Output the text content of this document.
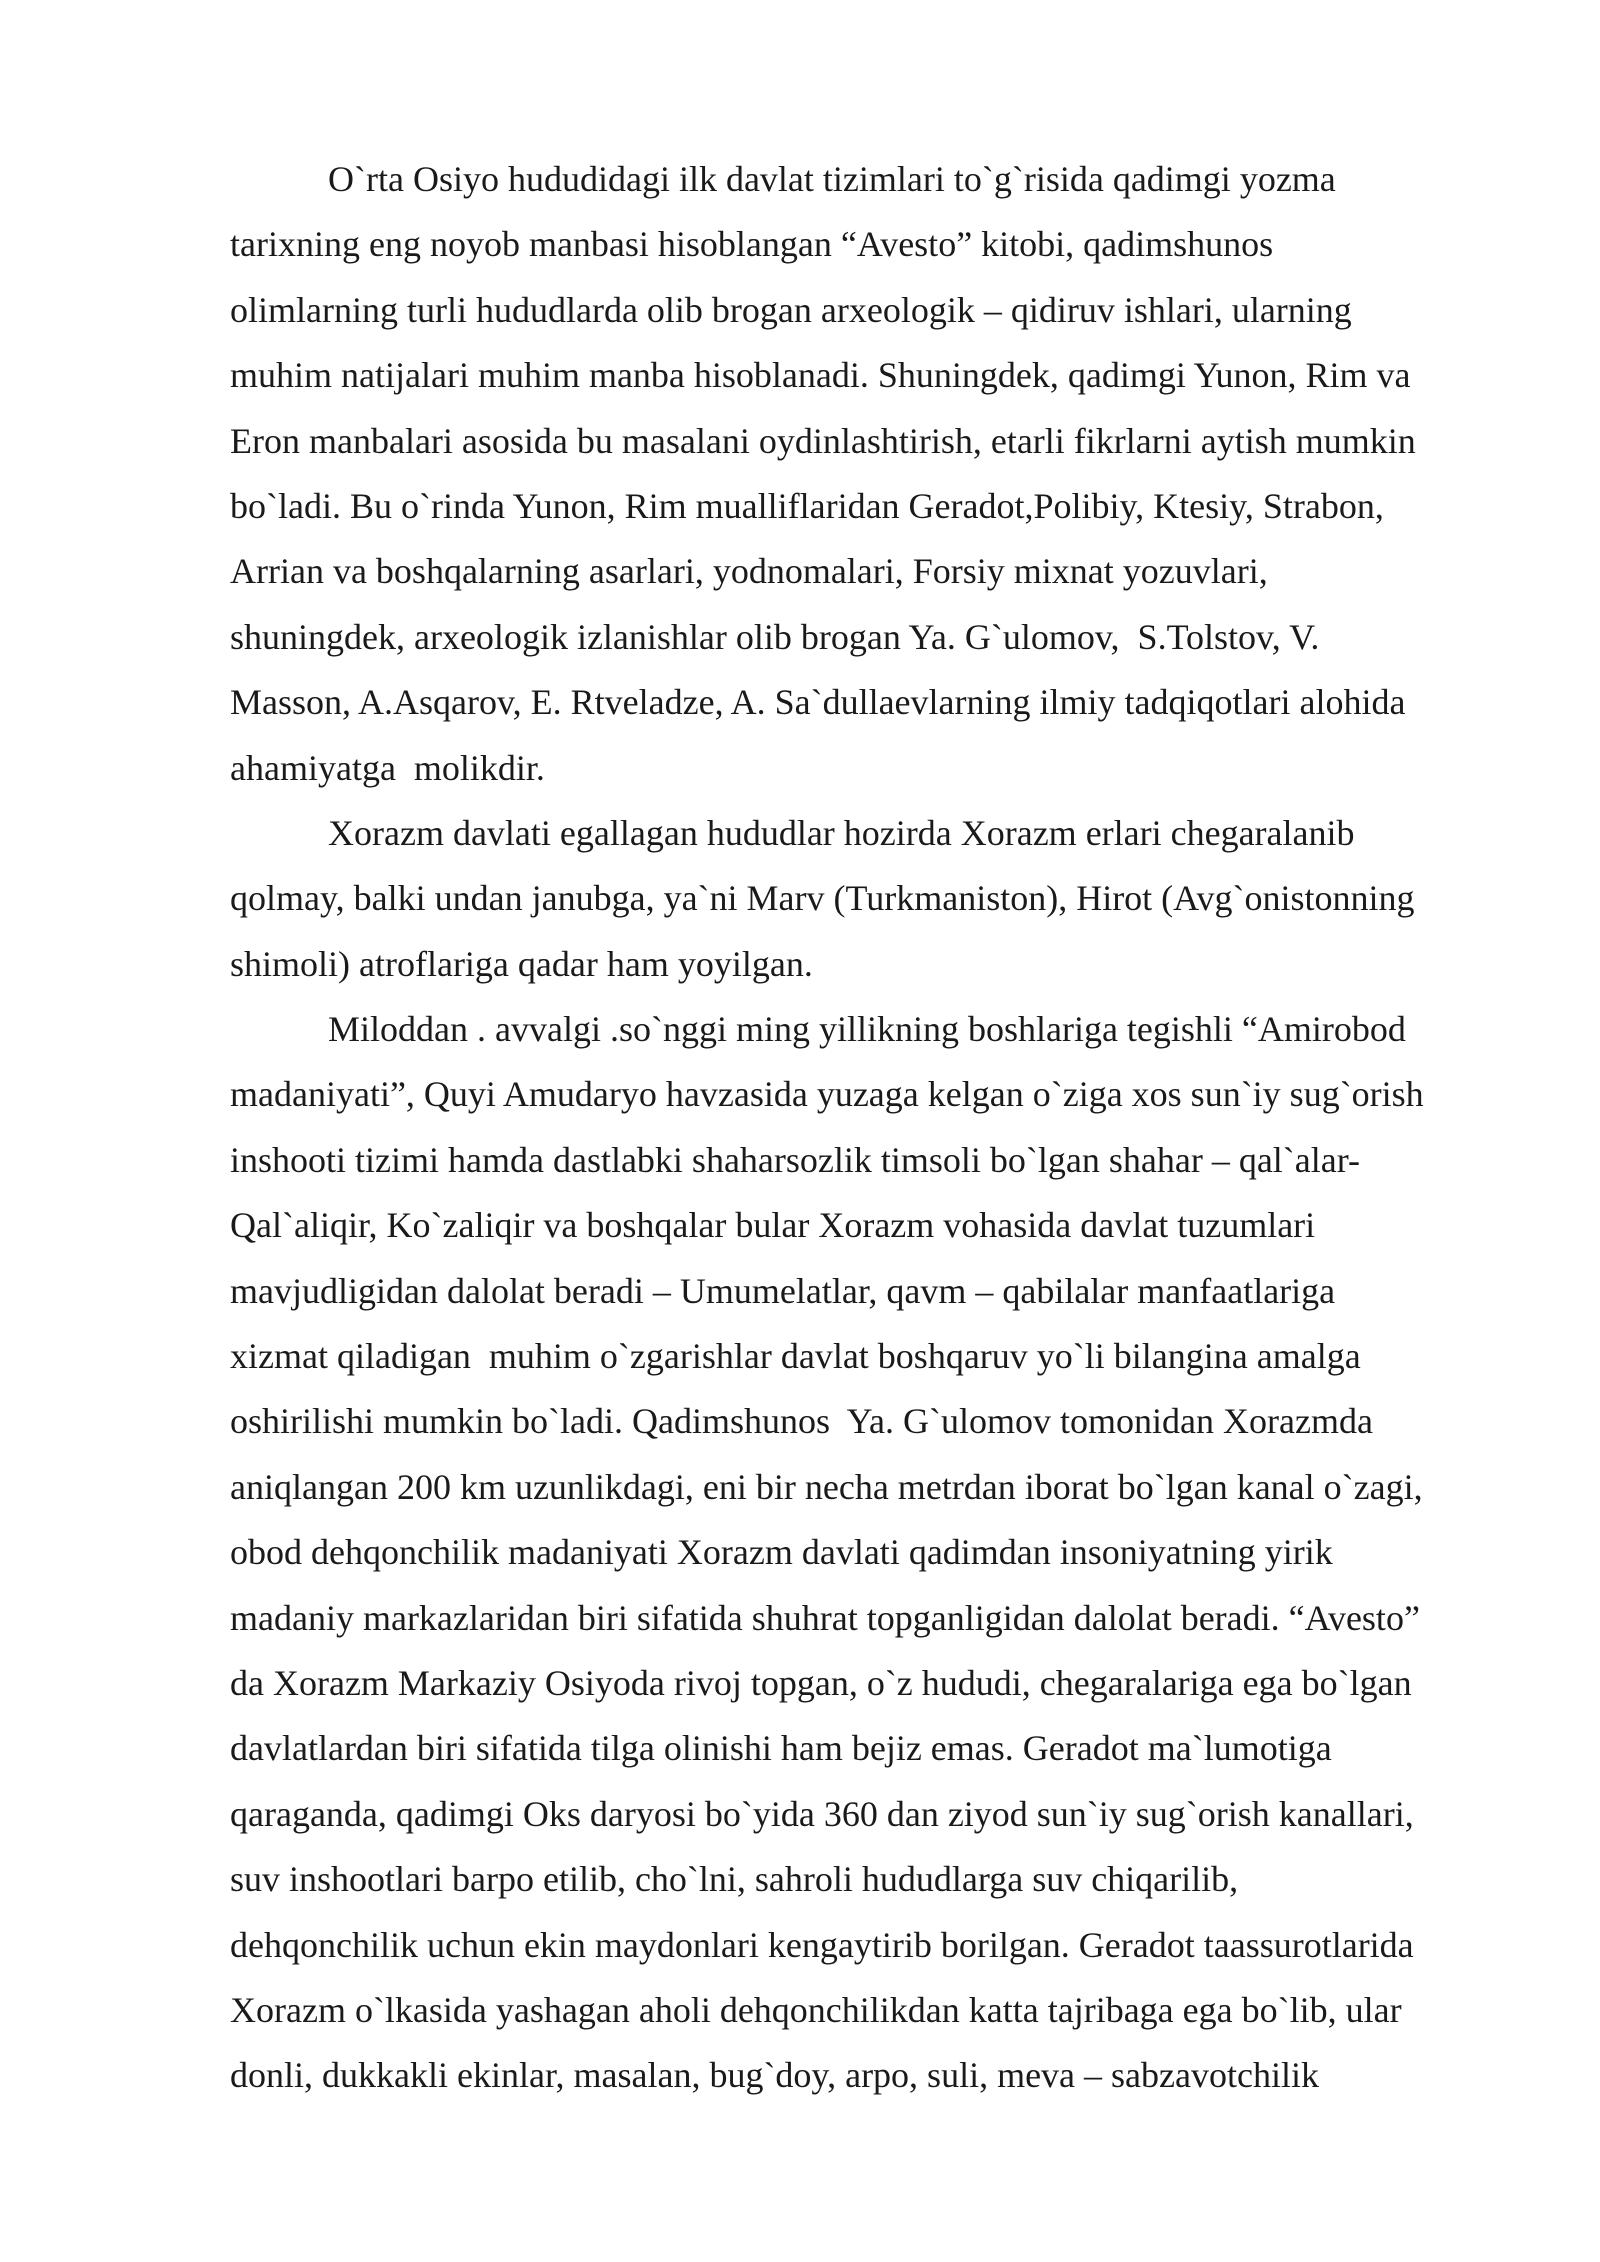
O`rta Osiyo hududidagi ilk davlat tizimlari to`g`risida qadimgi yozma
tarixning eng noyob manbasi hisoblangan “Avesto” kitobi, qadimshunos
olimlarning turli hududlarda olib brogan arxeologik – qidiruv ishlari, ularning
muhim natijalari muhim manba hisoblanadi. Shuningdek, qadimgi Yunon, Rim va
Eron manbalari asosida bu masalani oydinlashtirish, etarli fikrlarni aytish mumkin
bo`ladi. Bu o`rinda Yunon, Rim mualliflaridan Geradot,Polibiy, Ktesiy, Strabon,
Arrian va boshqalarning asarlari, yodnomalari, Forsiy mixnat yozuvlari,
shuningdek, arxeologik izlanishlar olib brogan Ya. G`ulomov,  S.Tolstov, V.
Masson, A.Asqarov, E. Rtveladze, A. Sa`dullaevlarning ilmiy tadqiqotlari alohida
ahamiyatga  molikdir.
Xorazm davlati egallagan hududlar hozirda Xorazm erlari chegaralanib
qolmay, balki undan janubga, ya`ni Marv (Turkmaniston), Hirot (Avg`onistonning
shimoli) atroflariga qadar ham yoyilgan.
Miloddan . avvalgi .so`nggi ming yillikning boshlariga tegishli “Amirobod
madaniyati”, Quyi Amudaryo havzasida yuzaga kelgan o`ziga xos sun`iy sug`orish
inshooti tizimi hamda dastlabki shaharsozlik timsoli bo`lgan shahar – qal`alar-
Qal`aliqir, Ko`zaliqir va boshqalar bular Xorazm vohasida davlat tuzumlari
mavjudligidan dalolat beradi – Umumelatlar, qavm – qabilalar manfaatlariga
xizmat qiladigan  muhim o`zgarishlar davlat boshqaruv yo`li bilangina amalga
oshirilishi mumkin bo`ladi. Qadimshunos  Ya. G`ulomov tomonidan Xorazmda
aniqlangan 200 km uzunlikdagi, eni bir necha metrdan iborat bo`lgan kanal o`zagi,
obod dehqonchilik madaniyati Xorazm davlati qadimdan insoniyatning yirik
madaniy markazlaridan biri sifatida shuhrat topganligidan dalolat beradi. “Avesto”
da Xorazm Markaziy Osiyoda rivoj topgan, o`z hududi, chegaralariga ega bo`lgan
davlatlardan biri sifatida tilga olinishi ham bejiz emas. Geradot ma`lumotiga
qaraganda, qadimgi Oks daryosi bo`yida 360 dan ziyod sun`iy sug`orish kanallari,
suv inshootlari barpo etilib, cho`lni, sahroli hududlarga suv chiqarilib,
dehqonchilik uchun ekin maydonlari kengaytirib borilgan. Geradot taassurotlarida
Xorazm o`lkasida yashagan aholi dehqonchilikdan katta tajribaga ega bo`lib, ular
donli, dukkakli ekinlar, masalan, bug`doy, arpo, suli, meva – sabzavotchilik
